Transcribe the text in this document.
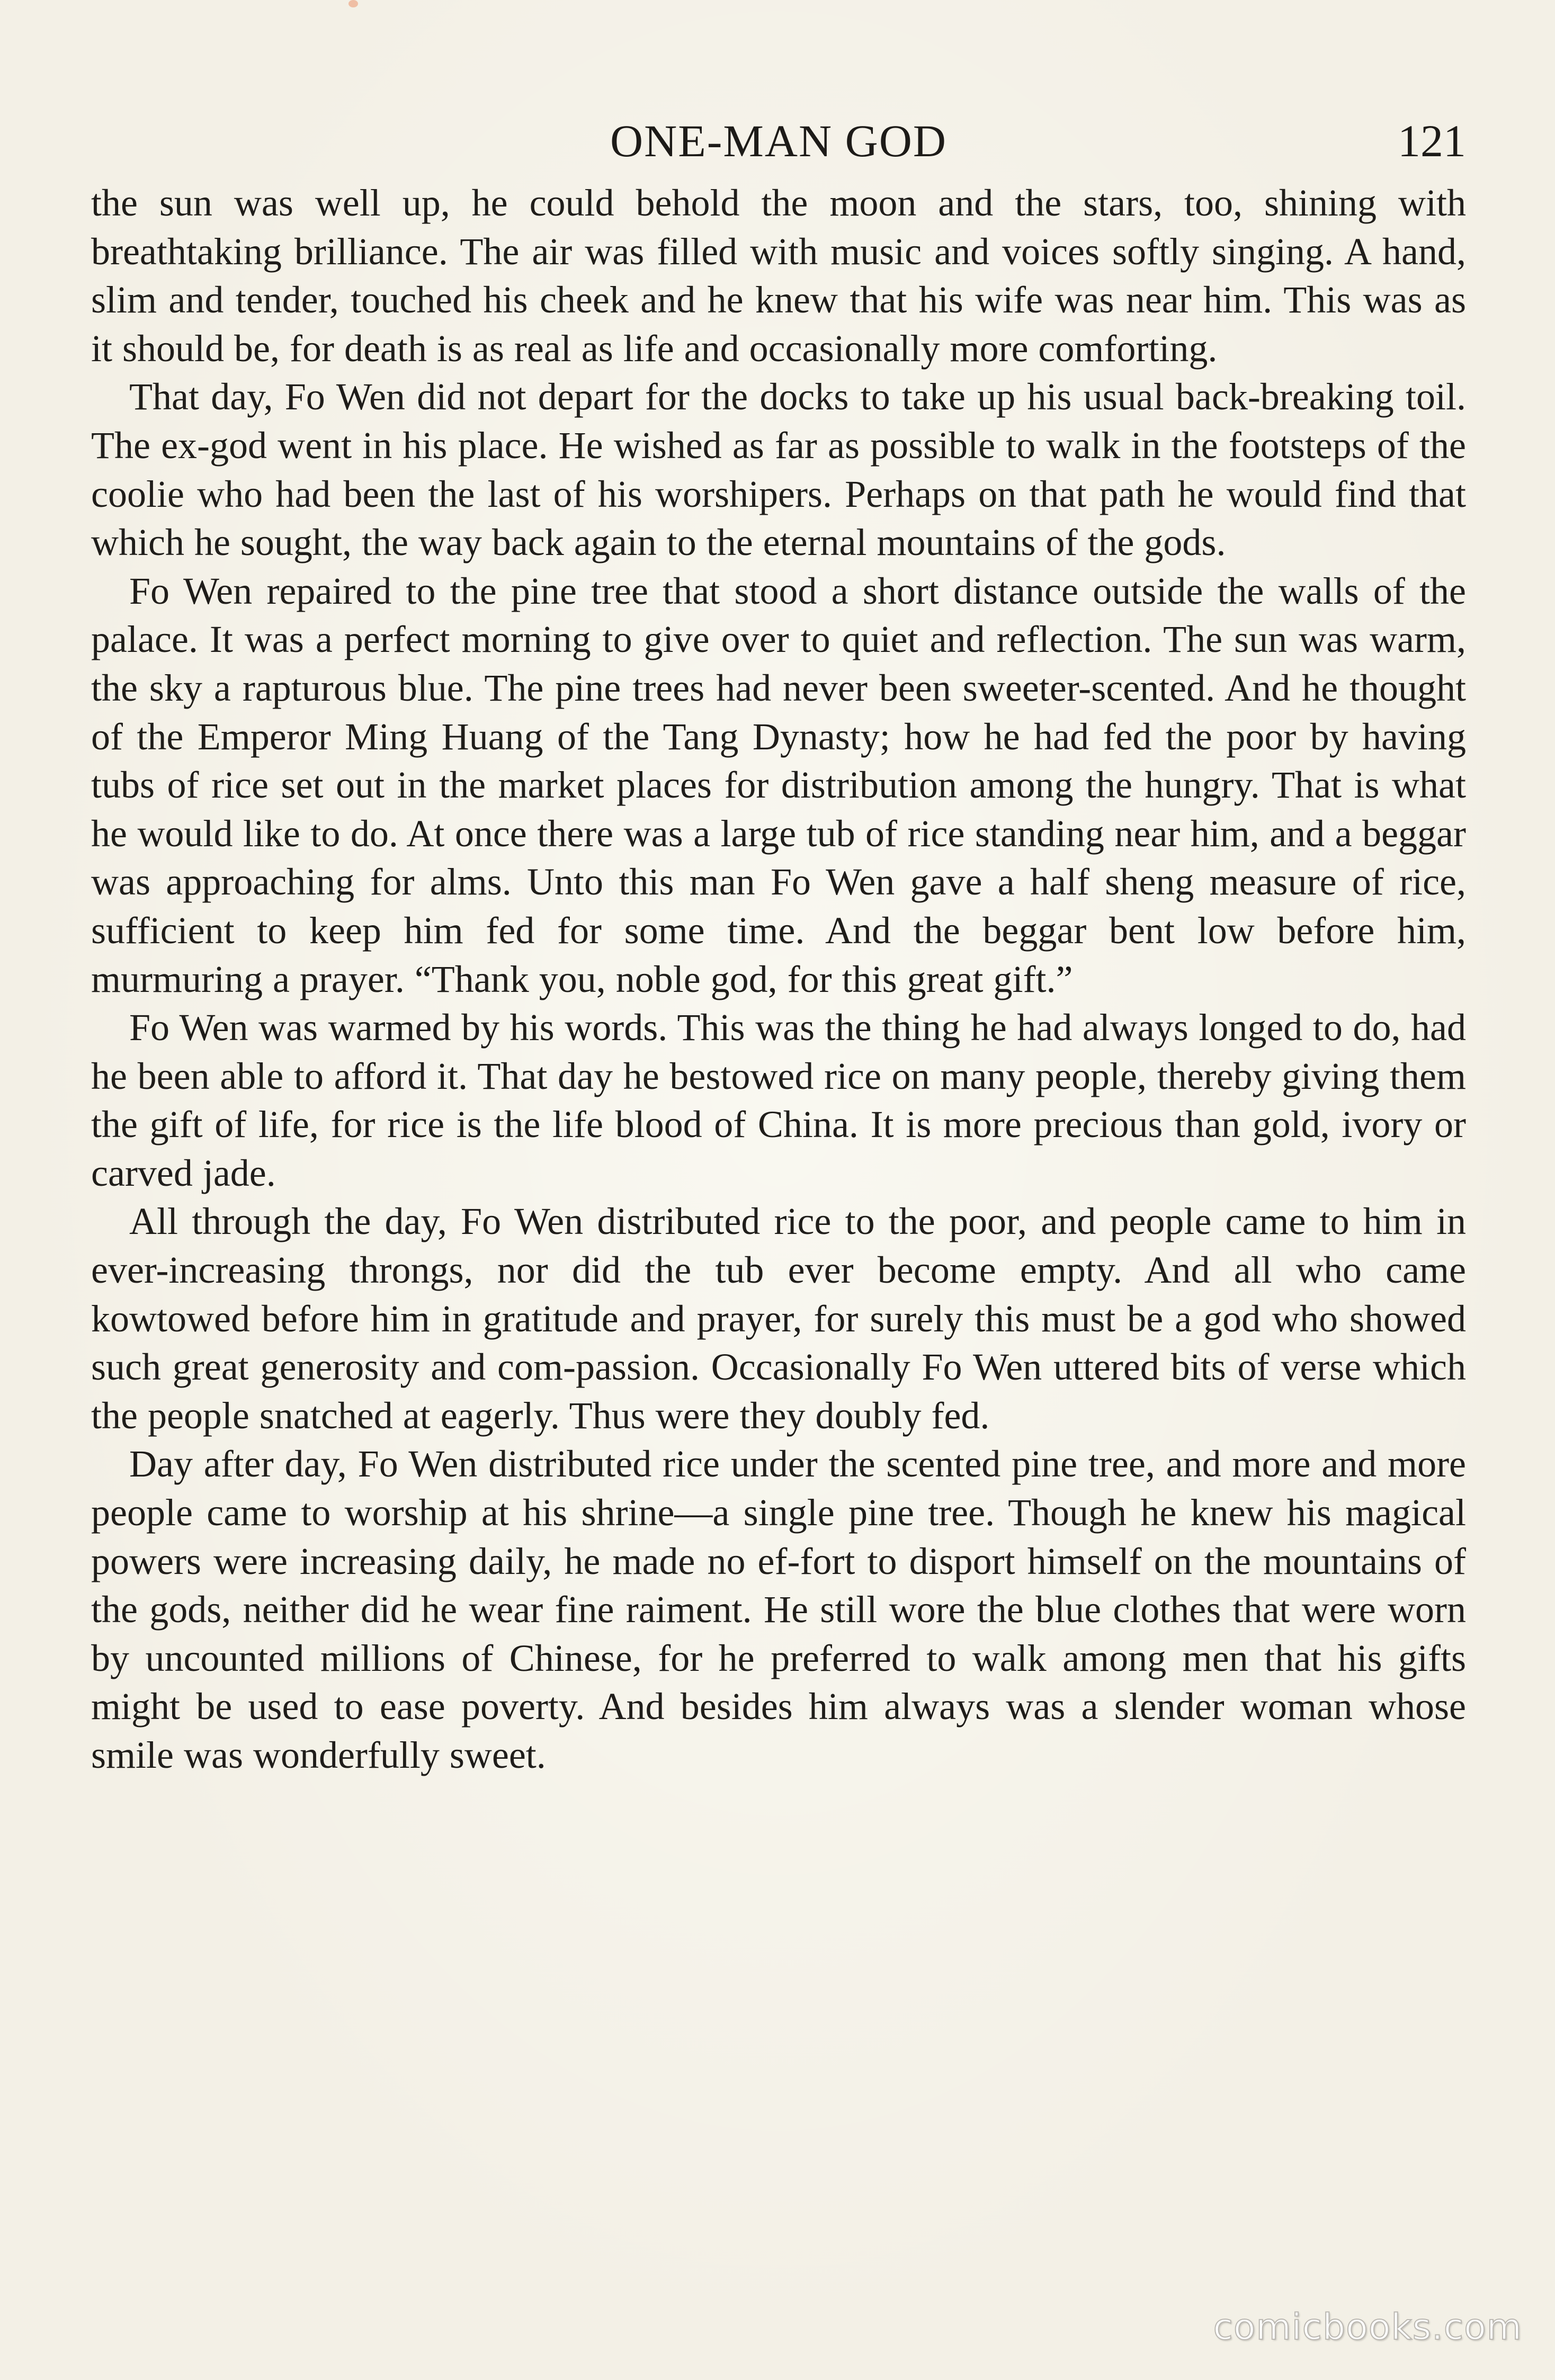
ONE-MAN GOD	121

the sun was well up, he could behold the moon and the stars, too, shining with breathtaking brilliance. The air was filled with music and voices softly singing. A hand, slim and tender, touched his cheek and he knew that his wife was near him. This was as it should be, for death is as real as life and occasionally more comforting.

That day, Fo Wen did not depart for the docks to take up his usual back-breaking toil. The ex-god went in his place. He wished as far as possible to walk in the footsteps of the coolie who had been the last of his worshipers. Perhaps on that path he would find that which he sought, the way back again to the eternal mountains of the gods.

Fo Wen repaired to the pine tree that stood a short distance outside the walls of the palace. It was a perfect morning to give over to quiet and reflection. The sun was warm, the sky a rapturous blue. The pine trees had never been sweeter-scented. And he thought of the Emperor Ming Huang of the Tang Dynasty; how he had fed the poor by having tubs of rice set out in the market places for distribution among the hungry. That is what he would like to do. At once there was a large tub of rice standing near him, and a beggar was approaching for alms. Unto this man Fo Wen gave a half sheng measure of rice, sufficient to keep him fed for some time. And the beggar bent low before him, murmuring a prayer. “Thank you, noble god, for this great gift.”

Fo Wen was warmed by his words. This was the thing he had always longed to do, had he been able to afford it. That day he bestowed rice on many people, thereby giving them the gift of life, for rice is the life blood of China. It is more precious than gold, ivory or carved jade.

All through the day, Fo Wen distributed rice to the poor, and people came to him in ever-increasing throngs, nor did the tub ever become empty. And all who came kowtowed before him in gratitude and prayer, for surely this must be a god who showed such great generosity and com-passion. Occasionally Fo Wen uttered bits of verse which the people snatched at eagerly. Thus were they doubly fed.

Day after day, Fo Wen distributed rice under the scented pine tree, and more and more people came to worship at his shrine—a single pine tree. Though he knew his magical powers were increasing daily, he made no ef-fort to disport himself on the mountains of the gods, neither did he wear fine raiment. He still wore the blue clothes that were worn by uncounted millions of Chinese, for he preferred to walk among men that his gifts might be used to ease poverty. And besides him always was a slender woman whose smile was wonderfully sweet.

comicbooks.com
